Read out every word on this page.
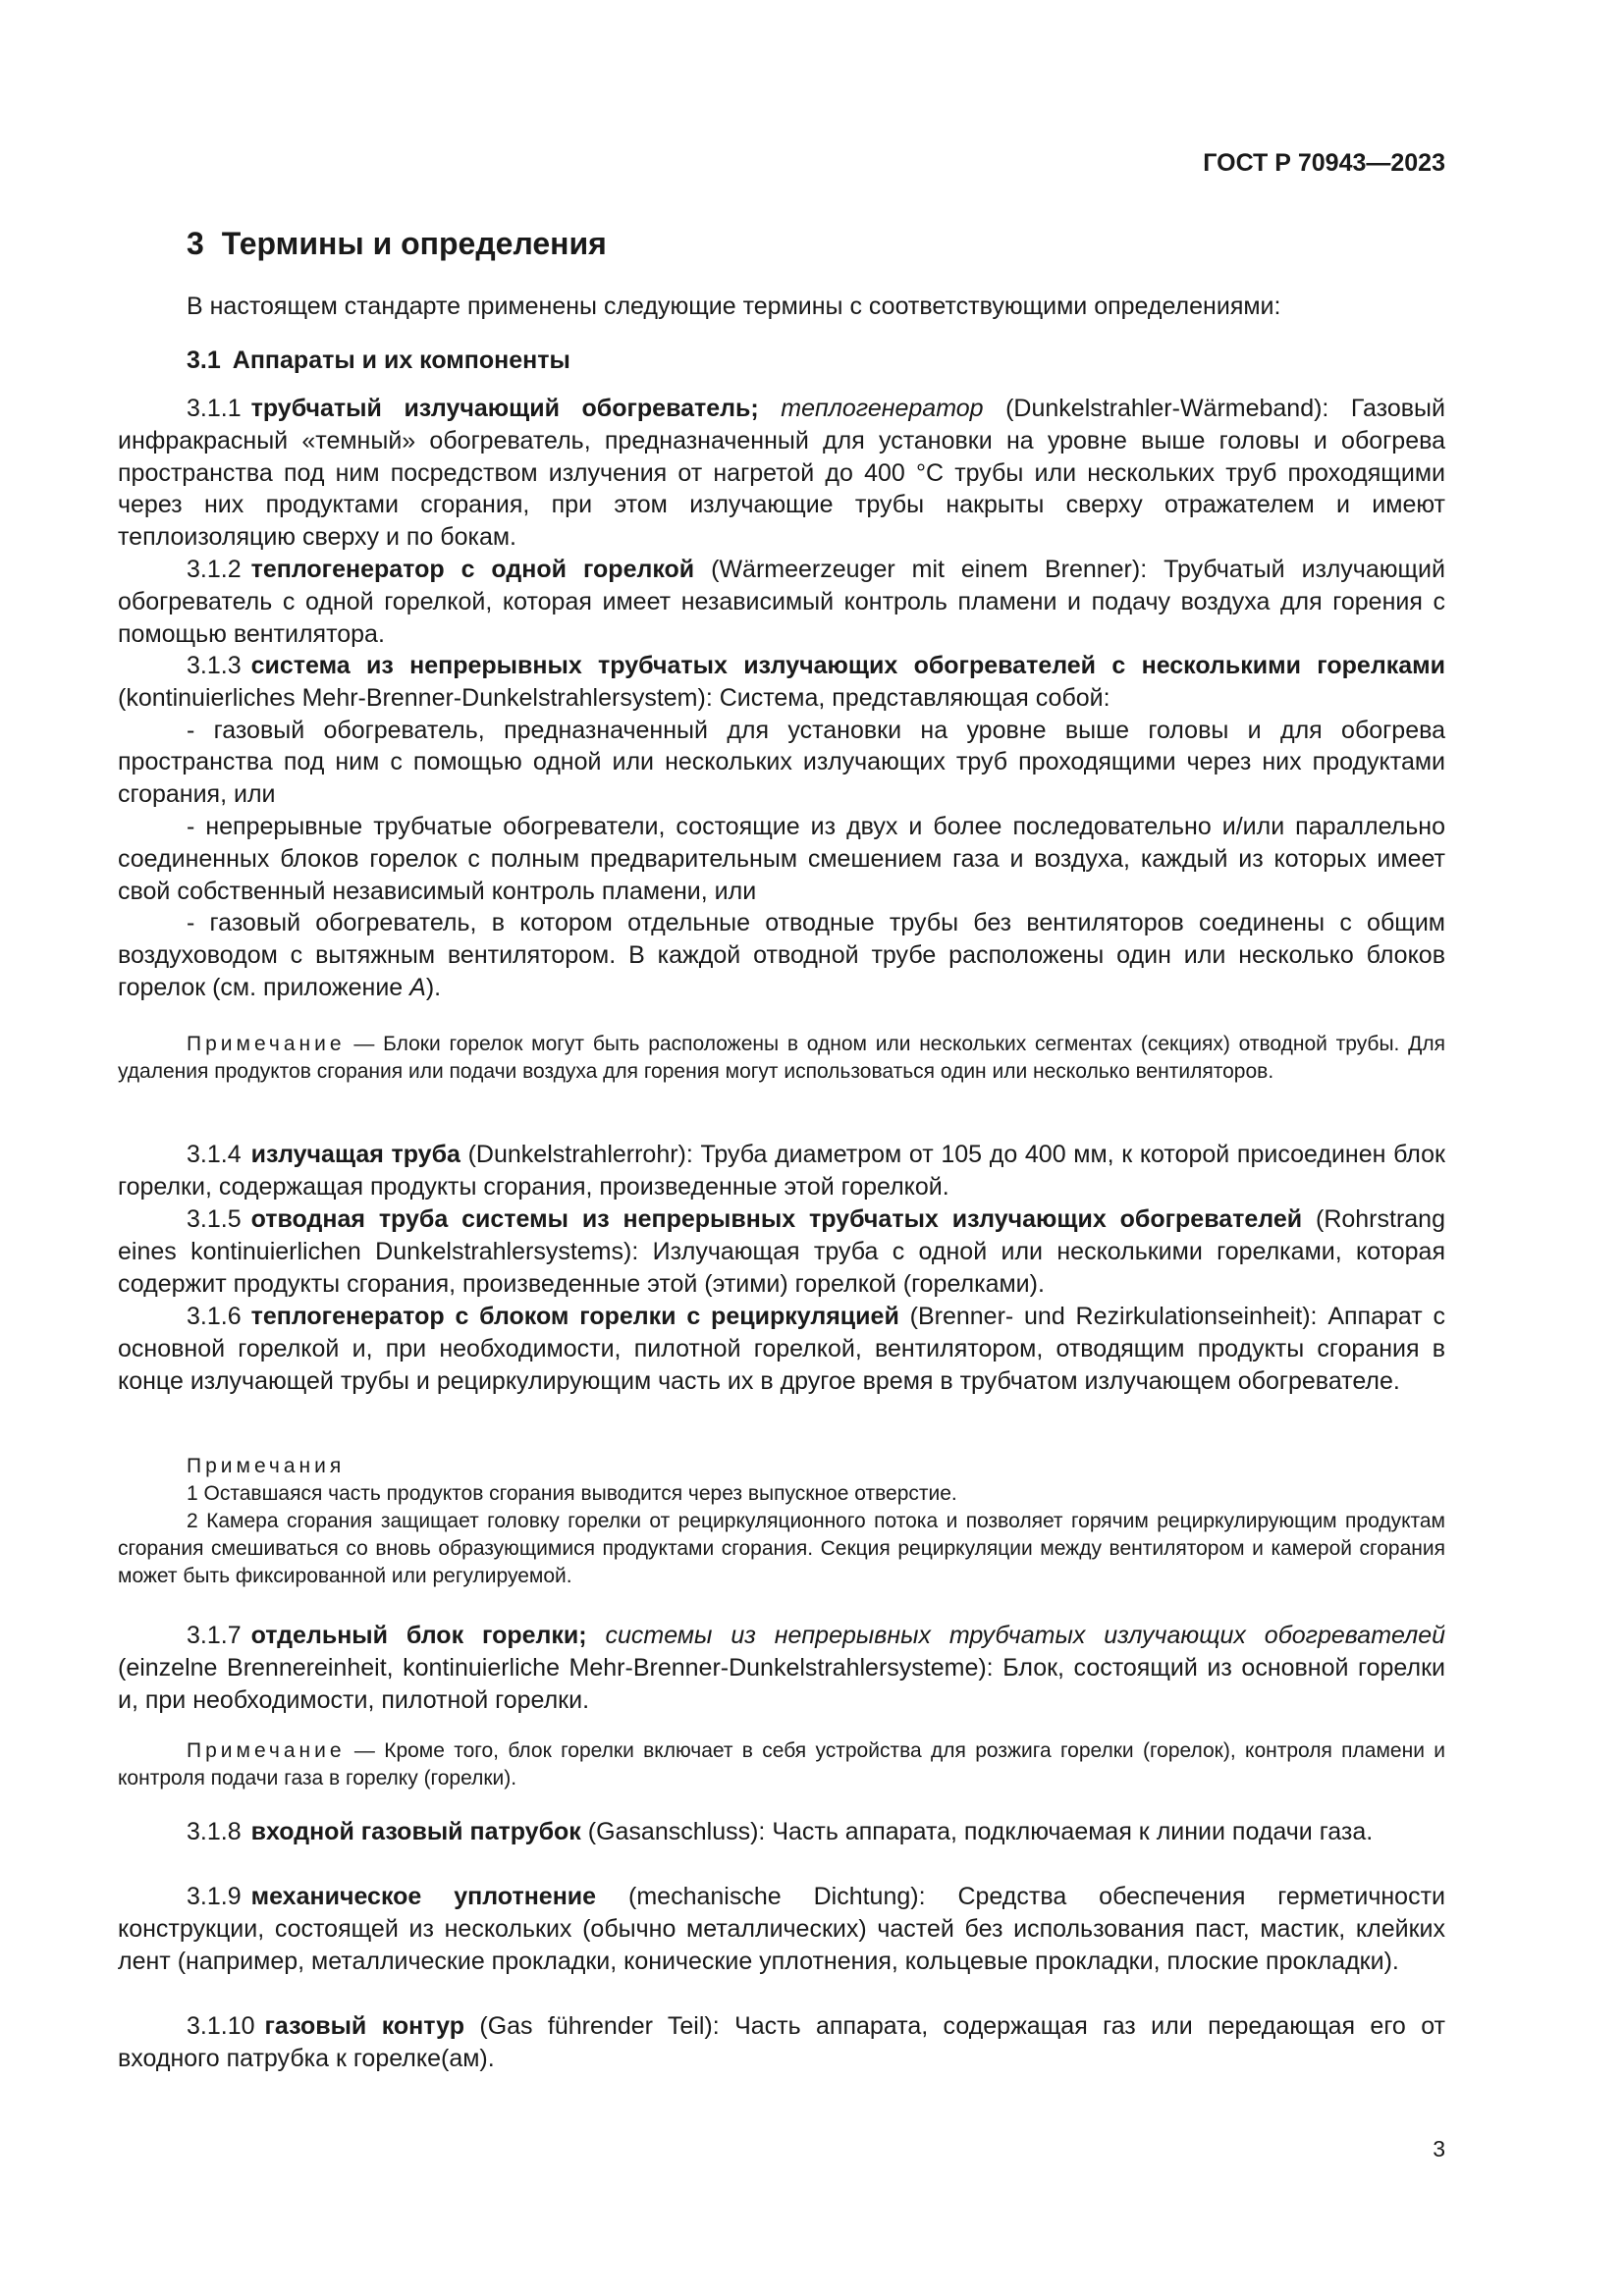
ГОСТ Р 70943—2023
3 Термины и определения
В настоящем стандарте применены следующие термины с соответствующими определениями:
3.1 Аппараты и их компоненты

3.1.1 трубчатый излучающий обогреватель; теплогенератор (Dunkelstrahler-Wärmeband): Газовый инфракрасный «темный» обогреватель, предназначенный для установки на уровне выше головы и обогрева пространства под ним посредством излучения от нагретой до 400 °С трубы или нескольких труб проходящими через них продуктами сгорания, при этом излучающие трубы накрыты сверху отражателем и имеют теплоизоляцию сверху и по бокам.

3.1.2 теплогенератор с одной горелкой (Wärmeerzeuger mit einem Brenner): Трубчатый излучающий обогреватель с одной горелкой, которая имеет независимый контроль пламени и подачу воздуха для горения с помощью вентилятора.

3.1.3 система из непрерывных трубчатых излучающих обогревателей с несколькими горелками (kontinuierliches Mehr-Brenner-Dunkelstrahlersystem): Система, представляющая собой:

- газовый обогреватель, предназначенный для установки на уровне выше головы и для обогрева пространства под ним с помощью одной или нескольких излучающих труб проходящими через них продуктами сгорания, или

- непрерывные трубчатые обогреватели, состоящие из двух и более последовательно и/или параллельно соединенных блоков горелок с полным предварительным смешением газа и воздуха, каждый из которых имеет свой собственный независимый контроль пламени, или

- газовый обогреватель, в котором отдельные отводные трубы без вентиляторов соединены с общим воздуховодом с вытяжным вентилятором. В каждой отводной трубе расположены один или несколько блоков горелок (см. приложение А).

Примечание — Блоки горелок могут быть расположены в одном или нескольких сегментах (секциях) отводной трубы. Для удаления продуктов сгорания или подачи воздуха для горения могут использоваться один или несколько вентиляторов.

3.1.4 излучащая труба (Dunkelstrahlerrohr): Труба диаметром от 105 до 400 мм, к которой присоединен блок горелки, содержащая продукты сгорания, произведенные этой горелкой.

3.1.5 отводная труба системы из непрерывных трубчатых излучающих обогревателей (Rohrstrang eines kontinuierlichen Dunkelstrahlersystems): Излучающая труба с одной или несколькими горелками, которая содержит продукты сгорания, произведенные этой (этими) горелкой (горелками).

3.1.6 теплогенератор с блоком горелки с рециркуляцией (Brenner- und Rezirkulationseinheit): Аппарат с основной горелкой и, при необходимости, пилотной горелкой, вентилятором, отводящим продукты сгорания в конце излучающей трубы и рециркулирующим часть их в другое время в трубчатом излучающем обогревателе.

Примечания

1 Оставшаяся часть продуктов сгорания выводится через выпускное отверстие.

2 Камера сгорания защищает головку горелки от рециркуляционного потока и позволяет горячим рециркулирующим продуктам сгорания смешиваться со вновь образующимися продуктами сгорания. Секция рециркуляции между вентилятором и камерой сгорания может быть фиксированной или регулируемой.

3.1.7 отдельный блок горелки; системы из непрерывных трубчатых излучающих обогревателей (einzelne Brennereinheit, kontinuierliche Mehr-Brenner-Dunkelstrahlersysteme): Блок, состоящий из основной горелки и, при необходимости, пилотной горелки.

Примечание — Кроме того, блок горелки включает в себя устройства для розжига горелки (горелок), контроля пламени и контроля подачи газа в горелку (горелки).

3.1.8 входной газовый патрубок (Gasanschluss): Часть аппарата, подключаемая к линии подачи газа.

3.1.9 механическое уплотнение (mechanische Dichtung): Средства обеспечения герметичности конструкции, состоящей из нескольких (обычно металлических) частей без использования паст, мастик, клейких лент (например, металлические прокладки, конические уплотнения, кольцевые прокладки, плоские прокладки).

3.1.10 газовый контур (Gas führender Teil): Часть аппарата, содержащая газ или передающая его от входного патрубка к горелке(ам).

3
